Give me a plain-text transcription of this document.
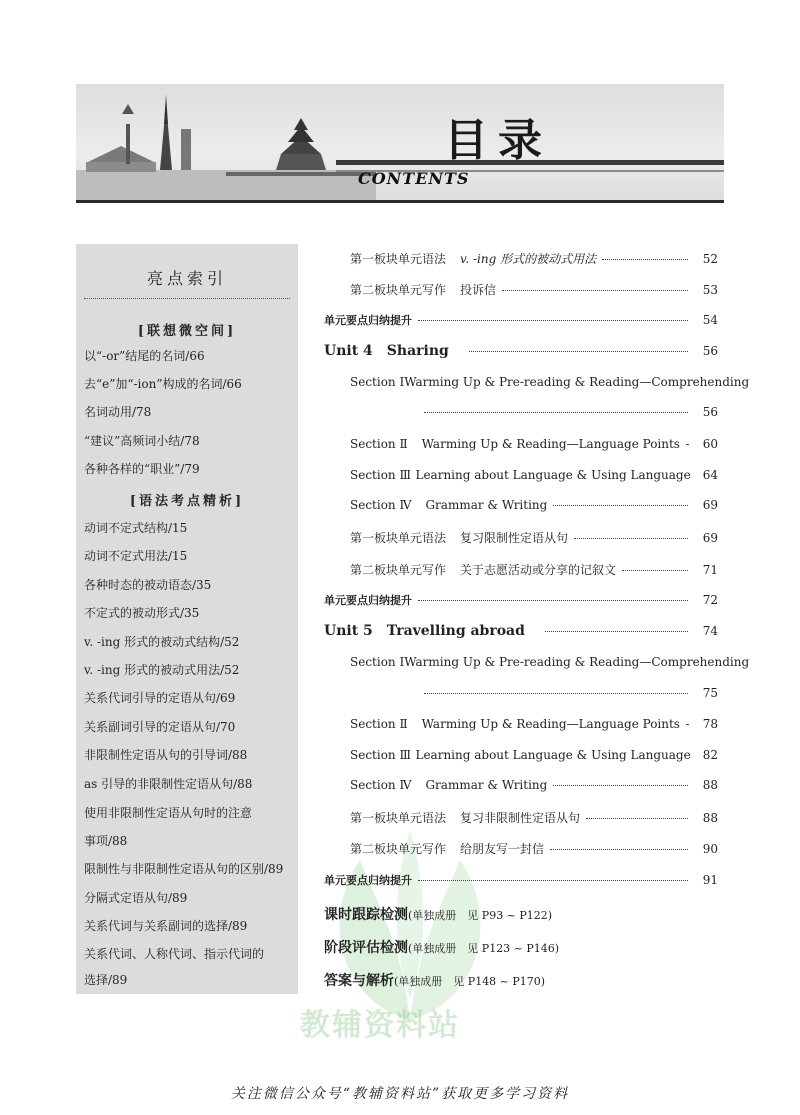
目录
CONTENTS
亮点索引
[联想微空间]
以“-or”结尾的名词/66
去“e”加“-ion”构成的名词/66
名词动用/78
“建议”高频词小结/78
各种各样的“职业”/79
[语法考点精析]
动词不定式结构/15
动词不定式用法/15
各种时态的被动语态/35
不定式的被动形式/35
v. -ing 形式的被动式结构/52
v. -ing 形式的被动式用法/52
关系代词引导的定语从句/69
关系副词引导的定语从句/70
非限制性定语从句的引导词/88
as 引导的非限制性定语从句/88
使用非限制性定语从句时的注意
事项/88
限制性与非限制性定语从句的区别/89
分隔式定语从句/89
关系代词与关系副词的选择/89
关系代词、人称代词、指示代词的
选择/89
教辅资料站
第一板块单元语法 v. -ing 形式的被动式用法	52
第二板块单元写作 投诉信	53
单元要点归纳提升	54
Unit 4 Sharing	56
Section Ⅰ Warming Up & Pre-reading & Reading—Comprehending
56
Section Ⅱ Warming Up & Reading—Language Points	60
Section Ⅲ Learning about Language & Using Language 64
Section Ⅳ Grammar & Writing	69
第一板块单元语法 复习限制性定语从句	69
第二板块单元写作 关于志愿活动或分享的记叙文	71
单元要点归纳提升	72
Unit 5 Travelling abroad	74
Section Ⅰ Warming Up & Pre-reading & Reading—Comprehending
75
Section Ⅱ Warming Up & Reading—Language Points	78
Section Ⅲ Learning about Language & Using Language 82
Section Ⅳ Grammar & Writing	88
第一板块单元语法 复习非限制性定语从句	88
第二板块单元写作 给朋友写一封信	90
单元要点归纳提升	91
课时跟踪检测(单独成册　见 P93 ~ P122)
阶段评估检测(单独成册　见 P123 ~ P146)
答案与解析(单独成册　见 P148 ~ P170)
关注微信公众号“教辅资料站”获取更多学习资料
